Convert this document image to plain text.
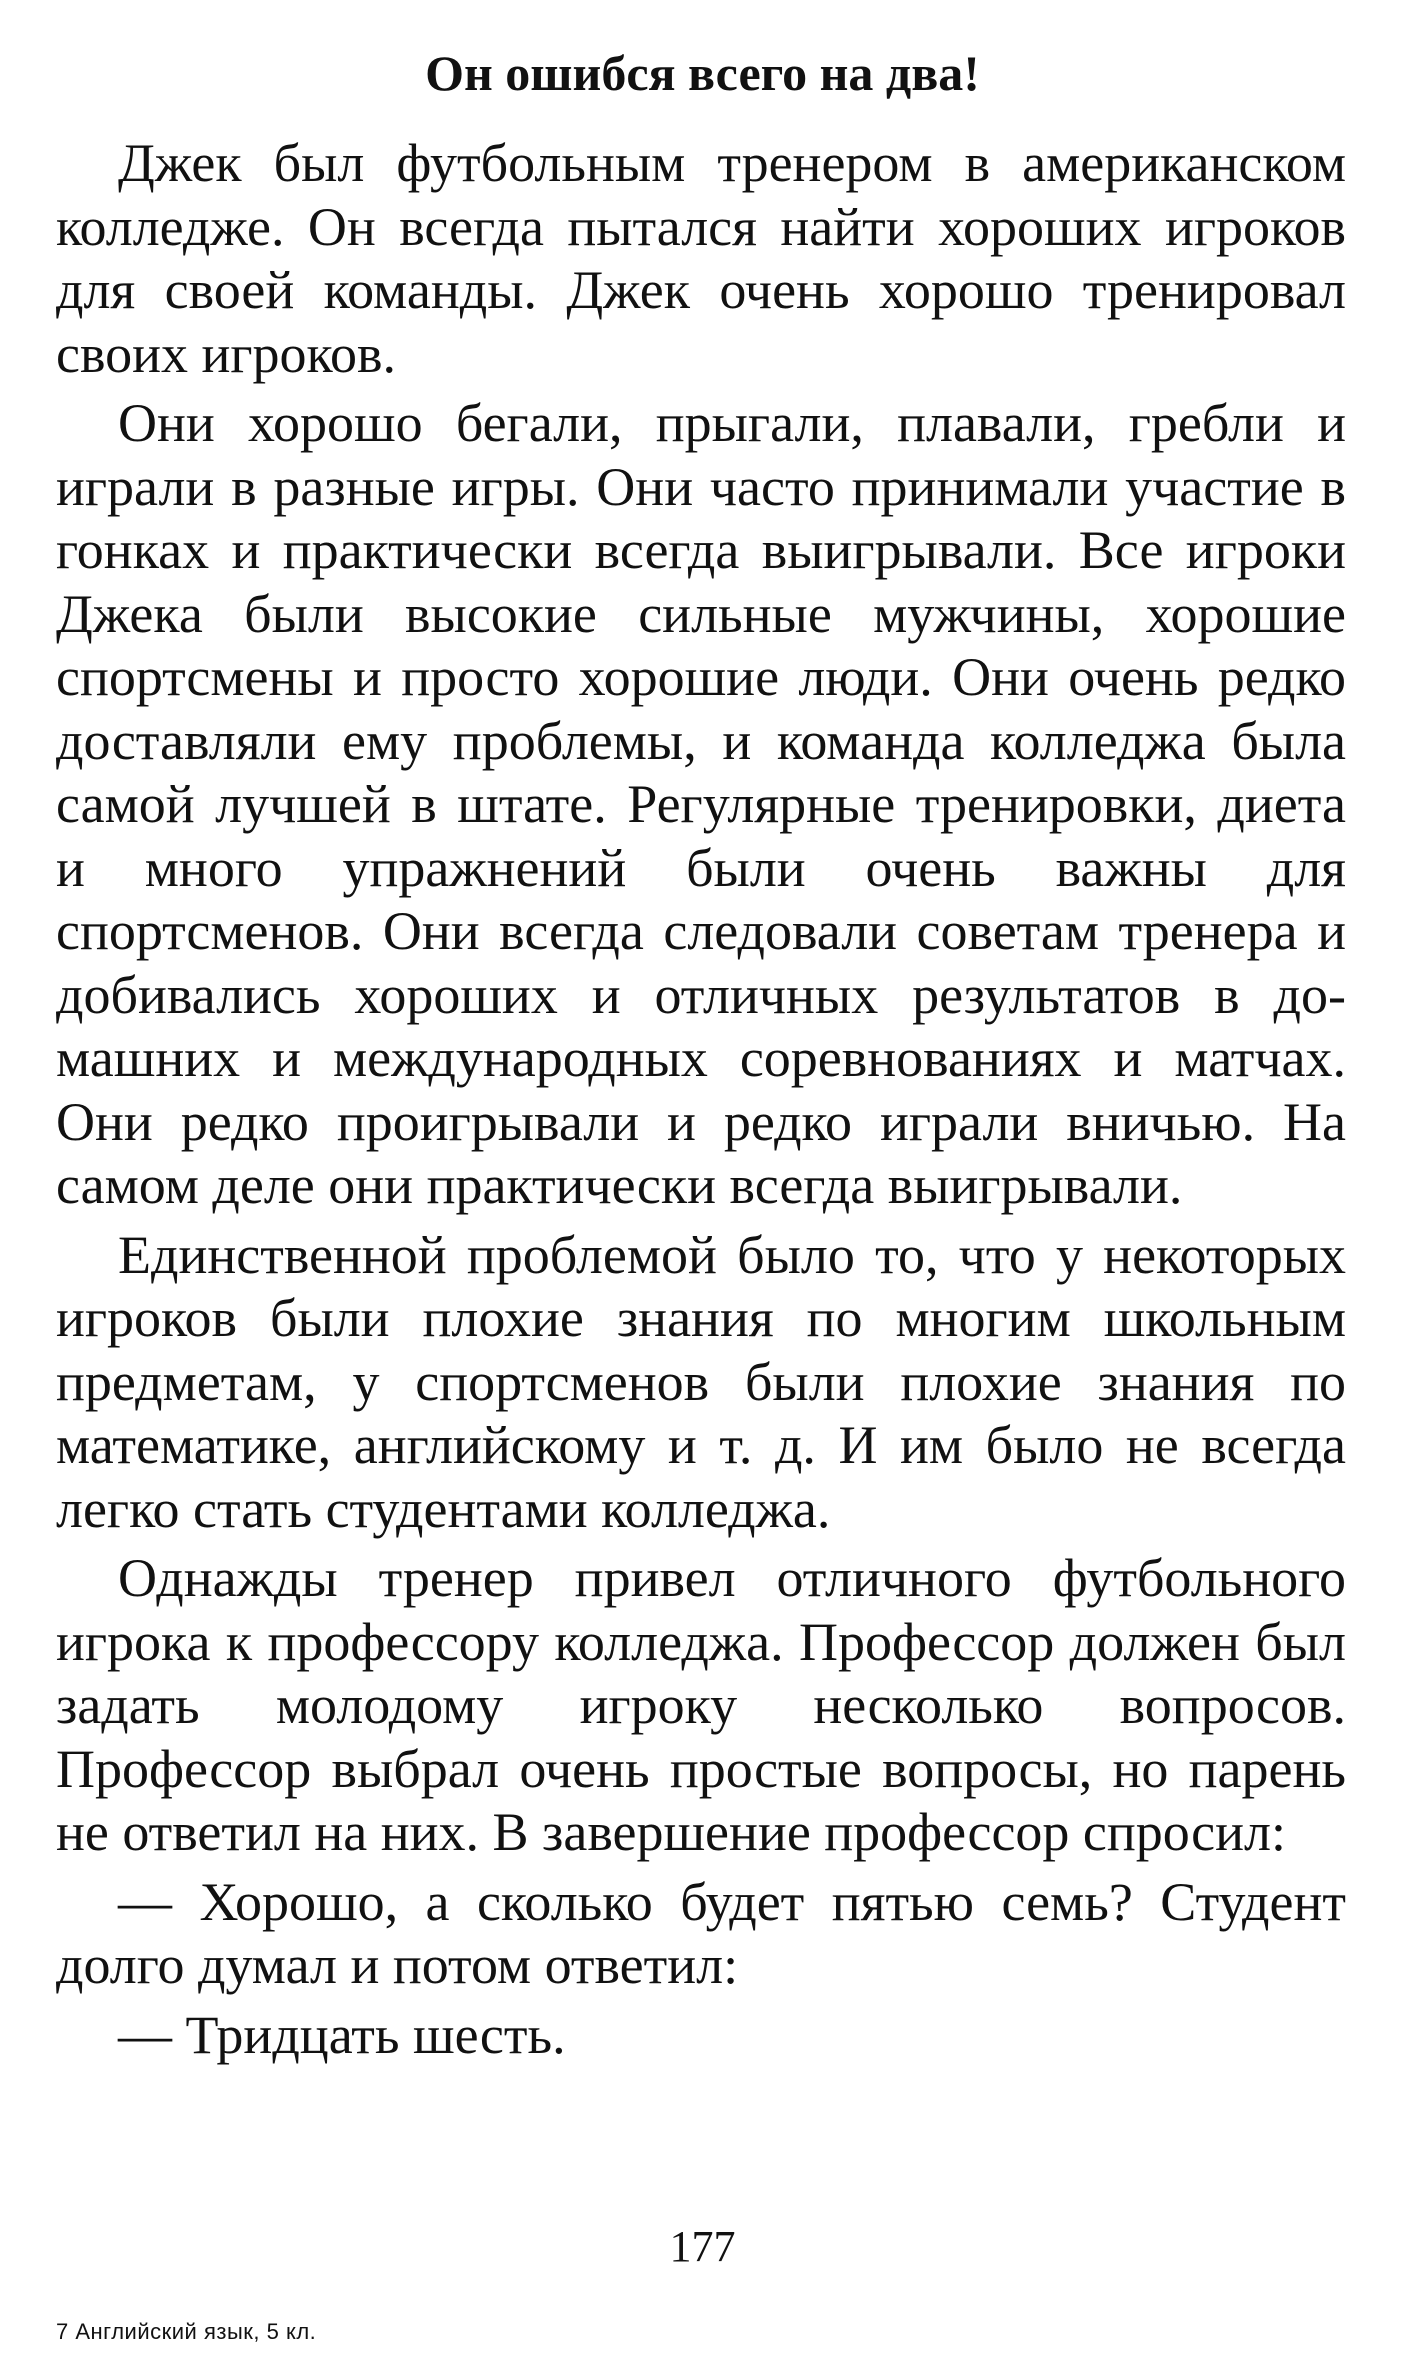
Он ошибся всего на два!

Джек был футбольным тренером в американском колледже. Он всегда пытался найти хороших игроков для своей команды. Джек очень хорошо тренировал своих игроков.

Они хорошо бегали, прыгали, плавали, гребли и играли в разные игры. Они часто принимали участие в гонках и практически всегда выигрывали. Все игроки Джека были высокие сильные мужчины, хорошие спортсмены и просто хорошие люди. Они очень редко доставляли ему проблемы, и команда колледжа была самой лучшей в штате. Регулярные тренировки, диета и много упражнений были очень важны для спортсменов. Они всегда следовали советам тренера и добивались хороших и отличных результатов в домашних и международных соревнованиях и матчах. Они редко проигрывали и редко играли вничью. На самом деле они практически всегда выигрывали.

Единственной проблемой было то, что у некоторых игроков были плохие знания по многим школьным предметам, у спортсменов были плохие знания по математике, английскому и т. д. И им было не всегда легко стать студентами колледжа.

Однажды тренер привел отличного футбольного игрока к профессору колледжа. Профессор должен был задать молодому игроку несколько вопросов. Профессор выбрал очень простые вопросы, но парень не ответил на них. В завершение профессор спросил:

— Хорошо, а сколько будет пятью семь? Студент долго думал и потом ответил:

— Тридцать шесть.

177
7 Английский язык, 5 кл.
